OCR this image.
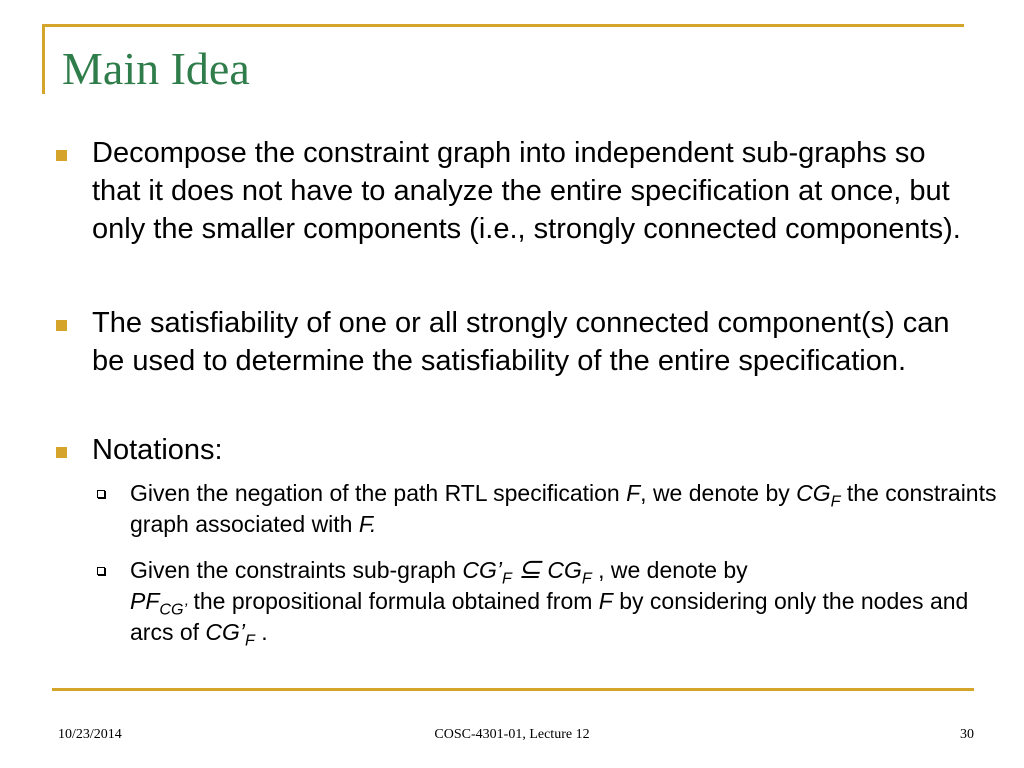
Main Idea
Decompose the constraint graph into independent sub-graphs so that it does not have to analyze the entire specification at once, but only the smaller components (i.e., strongly connected components).
The satisfiability of one or all strongly connected component(s) can be used to determine the satisfiability of the entire specification.
Notations:
Given the negation of the path RTL specification F, we denote by $CG_F$ the constraints graph associated with F.
Given the constraints sub-graph $CG’_F$ ⊆ $CG_F$ , we denote by
$PF_{CG’}$ the propositional formula obtained from F by considering only the nodes and arcs of $CG’_F$ .
10/23/2014	COSC-4301-01, Lecture 12	30
